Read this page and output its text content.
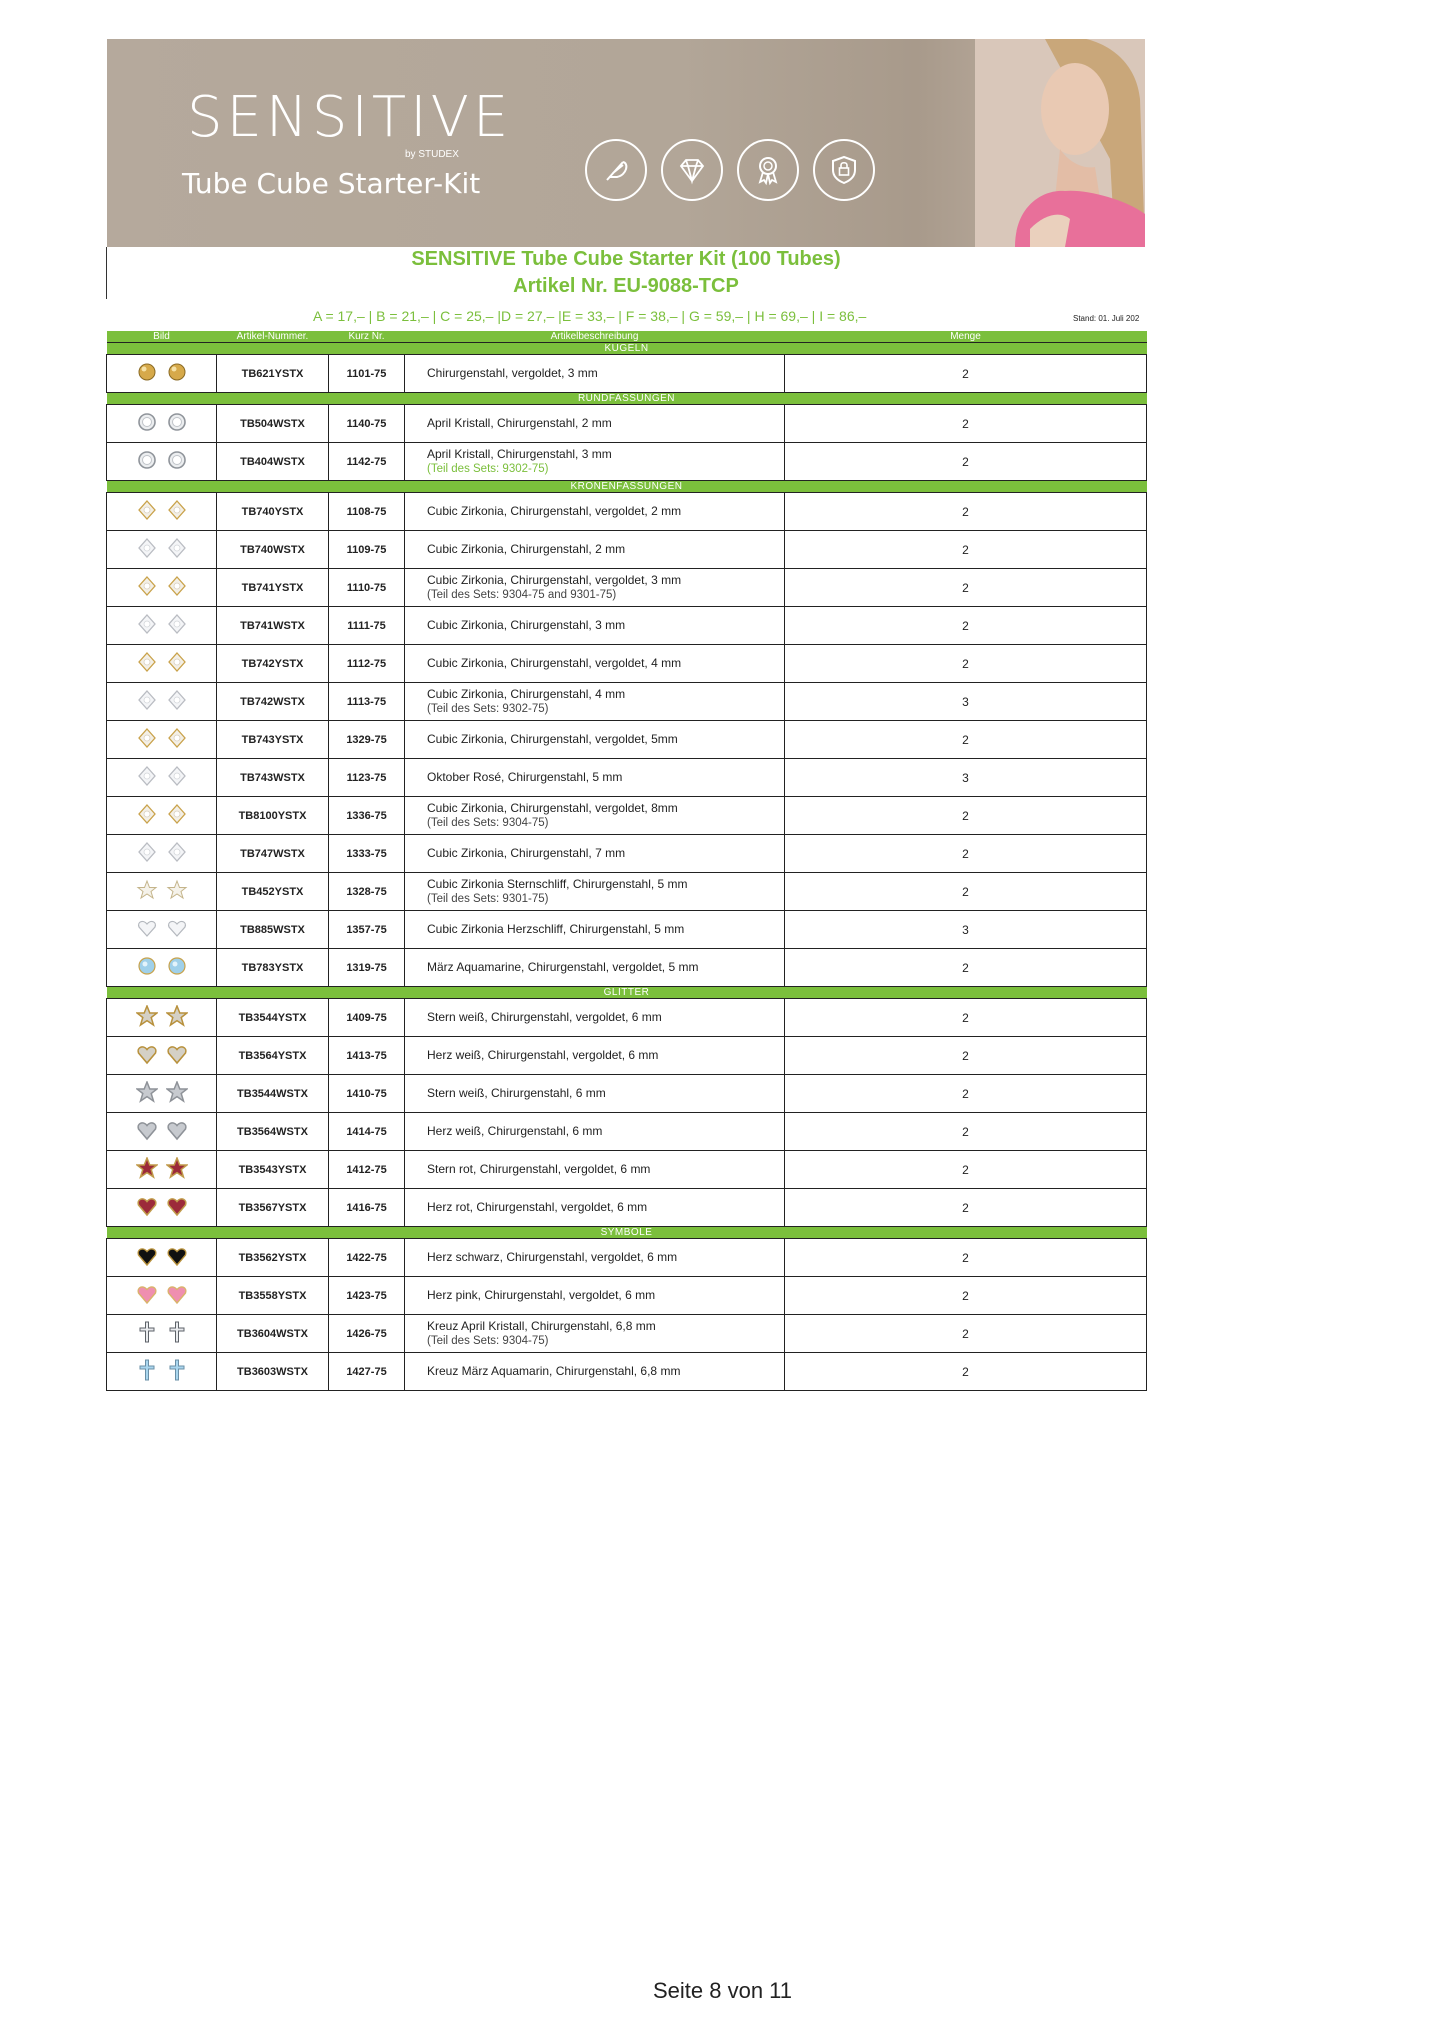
SENSITIVE
by STUDEX
Tube Cube Starter-Kit
SENSITIVE Tube Cube Starter Kit (100 Tubes)
Artikel Nr. EU-9088-TCP
A = 17,– | B = 21,– | C = 25,– |D = 27,– |E = 33,– | F = 38,– | G = 59,– | H = 69,– | I = 86,–	Stand: 01. Juli 202
Bild	Artikel-Nummer.	Kurz Nr.	Artikelbeschreibung	Menge
KUGELN				

	TB621YSTX	1101-75	Chirurgenstahl, vergoldet, 3 mm	2
RUNDFASSUNGEN				

	TB504WSTX	1140-75	April Kristall, Chirurgenstahl, 2 mm	2

	TB404WSTX	1142-75	April Kristall, Chirurgenstahl, 3 mm
(Teil des Sets: 9302-75)	2
KRONENFASSUNGEN				

	TB740YSTX	1108-75	Cubic Zirkonia, Chirurgenstahl, vergoldet, 2 mm	2

	TB740WSTX	1109-75	Cubic Zirkonia, Chirurgenstahl, 2 mm	2

	TB741YSTX	1110-75	Cubic Zirkonia, Chirurgenstahl, vergoldet, 3 mm
(Teil des Sets: 9304-75 and 9301-75)	2

	TB741WSTX	1111-75	Cubic Zirkonia, Chirurgenstahl, 3 mm	2

	TB742YSTX	1112-75	Cubic Zirkonia, Chirurgenstahl, vergoldet, 4 mm	2

	TB742WSTX	1113-75	Cubic Zirkonia, Chirurgenstahl, 4 mm
(Teil des Sets: 9302-75)	3

	TB743YSTX	1329-75	Cubic Zirkonia, Chirurgenstahl, vergoldet, 5mm	2

	TB743WSTX	1123-75	Oktober Rosé, Chirurgenstahl, 5 mm	3

	TB8100YSTX	1336-75	Cubic Zirkonia, Chirurgenstahl, vergoldet, 8mm
(Teil des Sets: 9304-75)	2

	TB747WSTX	1333-75	Cubic Zirkonia, Chirurgenstahl, 7 mm	2

	TB452YSTX	1328-75	Cubic Zirkonia Sternschliff, Chirurgenstahl, 5 mm
(Teil des Sets: 9301-75)	2

	TB885WSTX	1357-75	Cubic Zirkonia Herzschliff, Chirurgenstahl, 5 mm	3

	TB783YSTX	1319-75	März Aquamarine, Chirurgenstahl, vergoldet, 5 mm	2
GLITTER				

	TB3544YSTX	1409-75	Stern weiß, Chirurgenstahl, vergoldet, 6 mm	2

	TB3564YSTX	1413-75	Herz weiß, Chirurgenstahl, vergoldet, 6 mm	2

	TB3544WSTX	1410-75	Stern weiß, Chirurgenstahl, 6 mm	2

	TB3564WSTX	1414-75	Herz weiß, Chirurgenstahl, 6 mm	2

	TB3543YSTX	1412-75	Stern rot, Chirurgenstahl, vergoldet, 6 mm	2

	TB3567YSTX	1416-75	Herz rot, Chirurgenstahl, vergoldet, 6 mm	2
SYMBOLE				

	TB3562YSTX	1422-75	Herz schwarz, Chirurgenstahl, vergoldet, 6 mm	2

	TB3558YSTX	1423-75	Herz pink, Chirurgenstahl, vergoldet, 6 mm	2

	TB3604WSTX	1426-75	Kreuz April Kristall, Chirurgenstahl, 6,8 mm
(Teil des Sets: 9304-75)	2

	TB3603WSTX	1427-75	Kreuz März Aquamarin, Chirurgenstahl, 6,8 mm	2
Seite 8 von 11
